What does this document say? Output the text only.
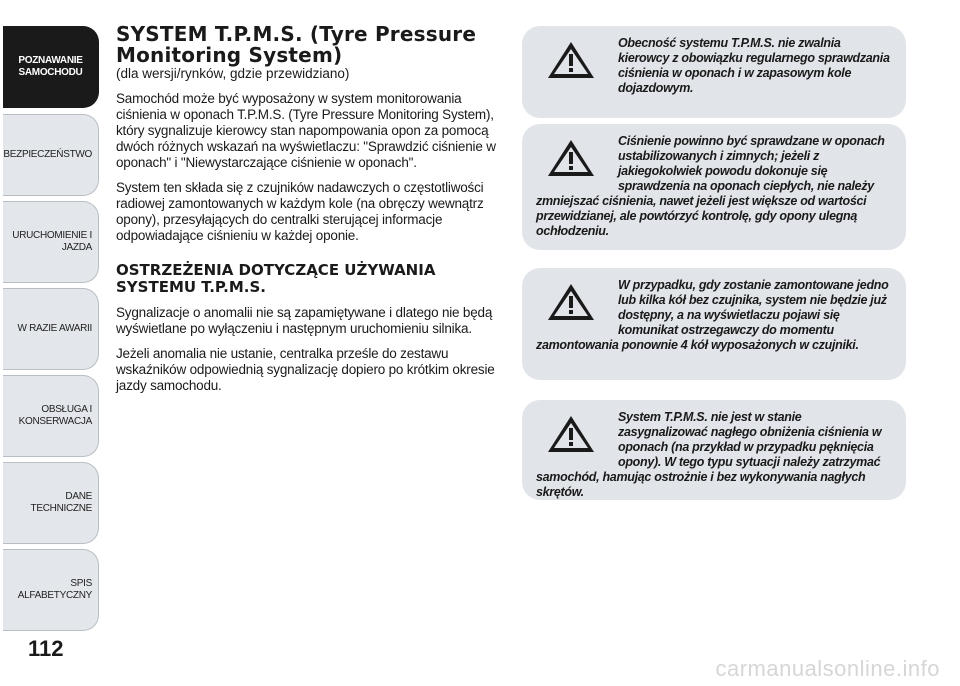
POZNAWANIE
SAMOCHODU
BEZPIECZEŃSTWO
URUCHOMIENIE I
JAZDA
W RAZIE AWARII
OBSŁUGA I
KONSERWACJA
DANE TECHNICZNE
SPIS ALFABETYCZNY
112
SYSTEM T.P.M.S. (Tyre Pressure Monitoring System)

(dla wersji/rynków, gdzie przewidziano)

Samochód może być wyposażony w system monitorowania ciśnienia w oponach T.P.M.S. (Tyre Pressure Monitoring System), który sygnalizuje kierowcy stan napompowania opon za pomocą dwóch różnych wskazań na wyświetlaczu: "Sprawdzić ciśnienie w oponach" i "Niewystarczające ciśnienie w oponach".

System ten składa się z czujników nadawczych o częstotliwości radiowej zamontowanych w każdym kole (na obręczy wewnątrz opony), przesyłających do centralki sterującej informacje odpowiadające ciśnieniu w każdej oponie.

OSTRZEŻENIA DOTYCZĄCE UŻYWANIA SYSTEMU T.P.M.S.

Sygnalizacje o anomalii nie są zapamiętywane i dlatego nie będą wyświetlane po wyłączeniu i następnym uruchomieniu silnika.

Jeżeli anomalia nie ustanie, centralka prześle do zestawu wskaźników odpowiednią sygnalizację dopiero po krótkim okresie jazdy samochodu.

Obecność systemu T.P.M.S. nie zwalnia kierowcy z obowiązku regularnego sprawdzania ciśnienia w oponach i w zapasowym kole dojazdowym.

Ciśnienie powinno być sprawdzane w oponach ustabilizowanych i zimnych; jeżeli z jakiegokolwiek powodu dokonuje się sprawdzenia na oponach ciepłych, nie należy zmniejszać ciśnienia, nawet jeżeli jest większe od wartości przewidzianej, ale powtórzyć kontrolę, gdy opony ulegną ochłodzeniu.

W przypadku, gdy zostanie zamontowane jedno lub kilka kół bez czujnika, system nie będzie już dostępny, a na wyświetlaczu pojawi się komunikat ostrzegawczy do momentu zamontowania ponownie 4 kół wyposażonych w czujniki.

System T.P.M.S. nie jest w stanie zasygnalizować nagłego obniżenia ciśnienia w oponach (na przykład w przypadku pęknięcia opony). W tego typu sytuacji należy zatrzymać samochód, hamując ostrożnie i bez wykonywania nagłych skrętów.

carmanualsonline.info
